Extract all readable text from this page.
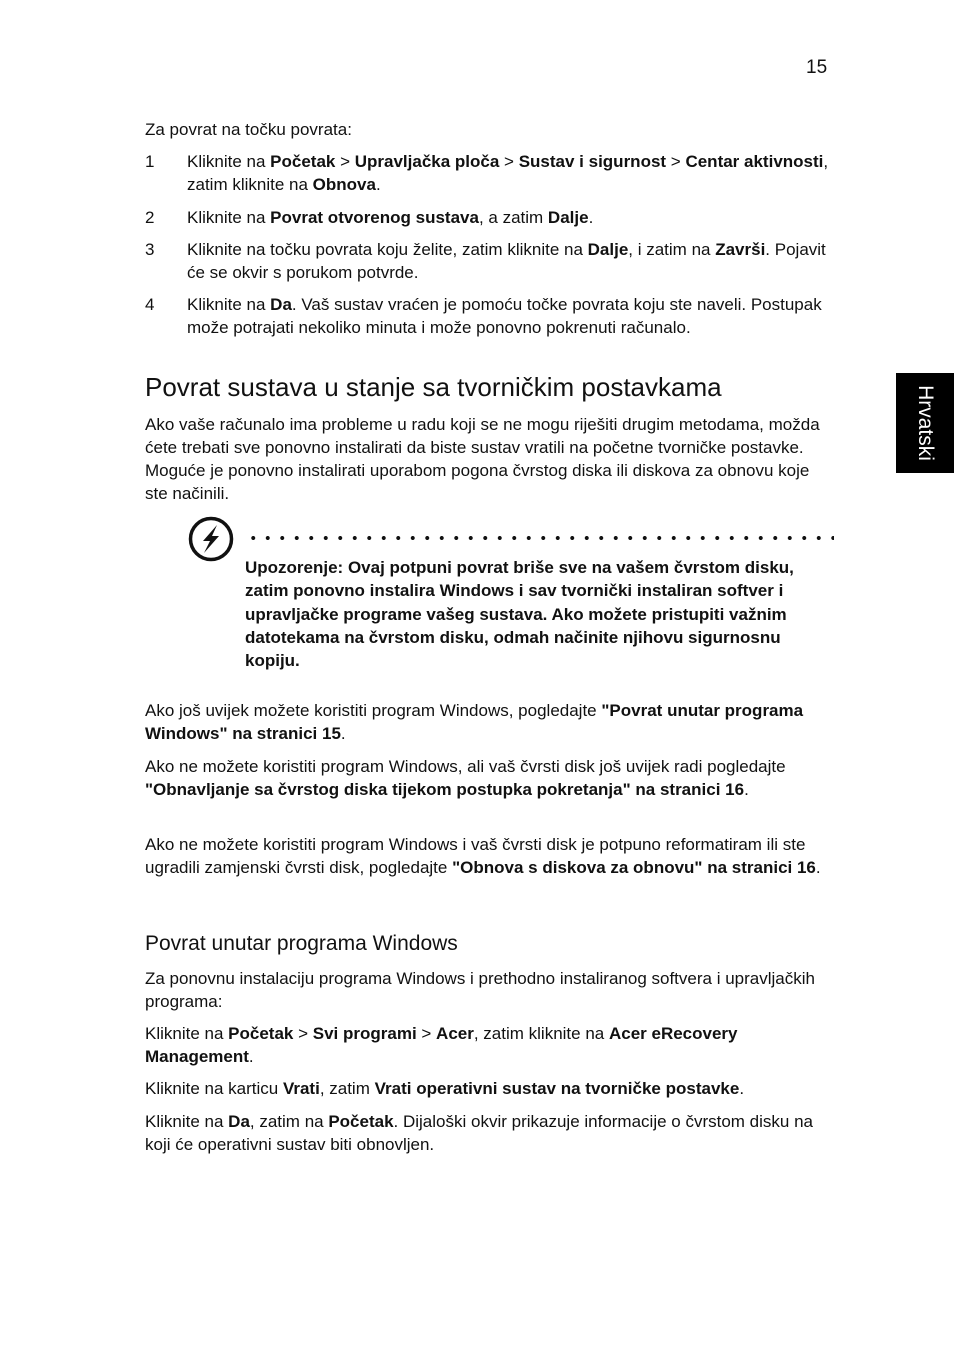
15
Hrvatski
Za povrat na točku povrata:
1 Kliknite na Početak > Upravljačka ploča > Sustav i sigurnost > Centar aktivnosti, zatim kliknite na Obnova.
2 Kliknite na Povrat otvorenog sustava, a zatim Dalje.
3 Kliknite na točku povrata koju želite, zatim kliknite na Dalje, i zatim na Završi. Pojavit će se okvir s porukom potvrde.
4 Kliknite na Da. Vaš sustav vraćen je pomoću točke povrata koju ste naveli. Postupak može potrajati nekoliko minuta i može ponovno pokrenuti računalo.
Povrat sustava u stanje sa tvorničkim postavkama
Ako vaše računalo ima probleme u radu koji se ne mogu riješiti drugim metodama, možda ćete trebati sve ponovno instalirati da biste sustav vratili na početne tvorničke postavke. Moguće je ponovno instalirati uporabom pogona čvrstog diska ili diskova za obnovu koje ste načinili.
Upozorenje: Ovaj potpuni povrat briše sve na vašem čvrstom disku, zatim ponovno instalira Windows i sav tvornički instaliran softver i upravljačke programe vašeg sustava. Ako možete pristupiti važnim datotekama na čvrstom disku, odmah načinite njihovu sigurnosnu kopiju.
Ako još uvijek možete koristiti program Windows, pogledajte "Povrat unutar programa Windows" na stranici 15.
Ako ne možete koristiti program Windows, ali vaš čvrsti disk još uvijek radi pogledajte "Obnavljanje sa čvrstog diska tijekom postupka pokretanja" na stranici 16.
Ako ne možete koristiti program Windows i vaš čvrsti disk je potpuno reformatiram ili ste ugradili zamjenski čvrsti disk, pogledajte "Obnova s diskova za obnovu" na stranici 16.
Povrat unutar programa Windows
Za ponovnu instalaciju programa Windows i prethodno instaliranog softvera i upravljačkih programa:
Kliknite na Početak > Svi programi > Acer, zatim kliknite na Acer eRecovery Management.
Kliknite na karticu Vrati, zatim Vrati operativni sustav na tvorničke postavke.
Kliknite na Da, zatim na Početak. Dijaloški okvir prikazuje informacije o čvrstom disku na koji će operativni sustav biti obnovljen.
